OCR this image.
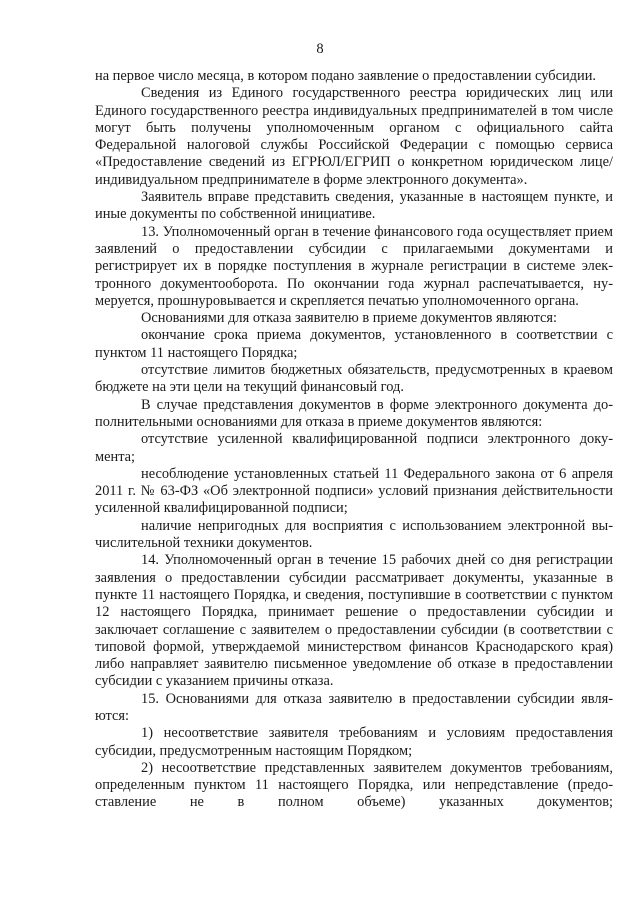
8

на первое число месяца, в котором подано заявление о предоставлении субсидии.

Сведения из Единого государственного реестра юридических лиц или Единого государственного реестра индивидуальных предпринимателей в том числе могут быть получены уполномоченным органом с официального сайта Федеральной налоговой службы Российской Федерации с помощью сервиса «Предоставление сведений из ЕГРЮЛ/ЕГРИП о конкретном юридическом лице/индивидуальном предпринимателе в форме электронного документа».

Заявитель вправе представить сведения, указанные в настоящем пункте, и иные документы по собственной инициативе.

13. Уполномоченный орган в течение финансового года осуществляет прием заявлений о предоставлении субсидии с прилагаемыми документами и регистрирует их в порядке поступления в журнале регистрации в системе электронного документооборота. По окончании года журнал распечатывается, нумеруется, прошнуровывается и скрепляется печатью уполномоченного органа.

Основаниями для отказа заявителю в приеме документов являются:

окончание срока приема документов, установленного в соответствии с пунктом 11 настоящего Порядка;

отсутствие лимитов бюджетных обязательств, предусмотренных в краевом бюджете на эти цели на текущий финансовый год.

В случае представления документов в форме электронного документа дополнительными основаниями для отказа в приеме документов являются:

отсутствие усиленной квалифицированной подписи электронного документа;

несоблюдение установленных статьей 11 Федерального закона от 6 апреля 2011 г. № 63-ФЗ «Об электронной подписи» условий признания действительности усиленной квалифицированной подписи;

наличие непригодных для восприятия с использованием электронной вычислительной техники документов.

14. Уполномоченный орган в течение 15 рабочих дней со дня регистрации заявления о предоставлении субсидии рассматривает документы, указанные в пункте 11 настоящего Порядка, и сведения, поступившие в соответствии с пунктом 12 настоящего Порядка, принимает решение о предоставлении субсидии и заключает соглашение с заявителем о предоставлении субсидии (в соответствии с типовой формой, утверждаемой министерством финансов Краснодарского края) либо направляет заявителю письменное уведомление об отказе в предоставлении субсидии с указанием причины отказа.

15. Основаниями для отказа заявителю в предоставлении субсидии являются:

1) несоответствие заявителя требованиям и условиям предоставления субсидии, предусмотренным настоящим Порядком;

2) несоответствие представленных заявителем документов требованиям, определенным пунктом 11 настоящего Порядка, или непредставление (предоставление не в полном объеме) указанных документов;
